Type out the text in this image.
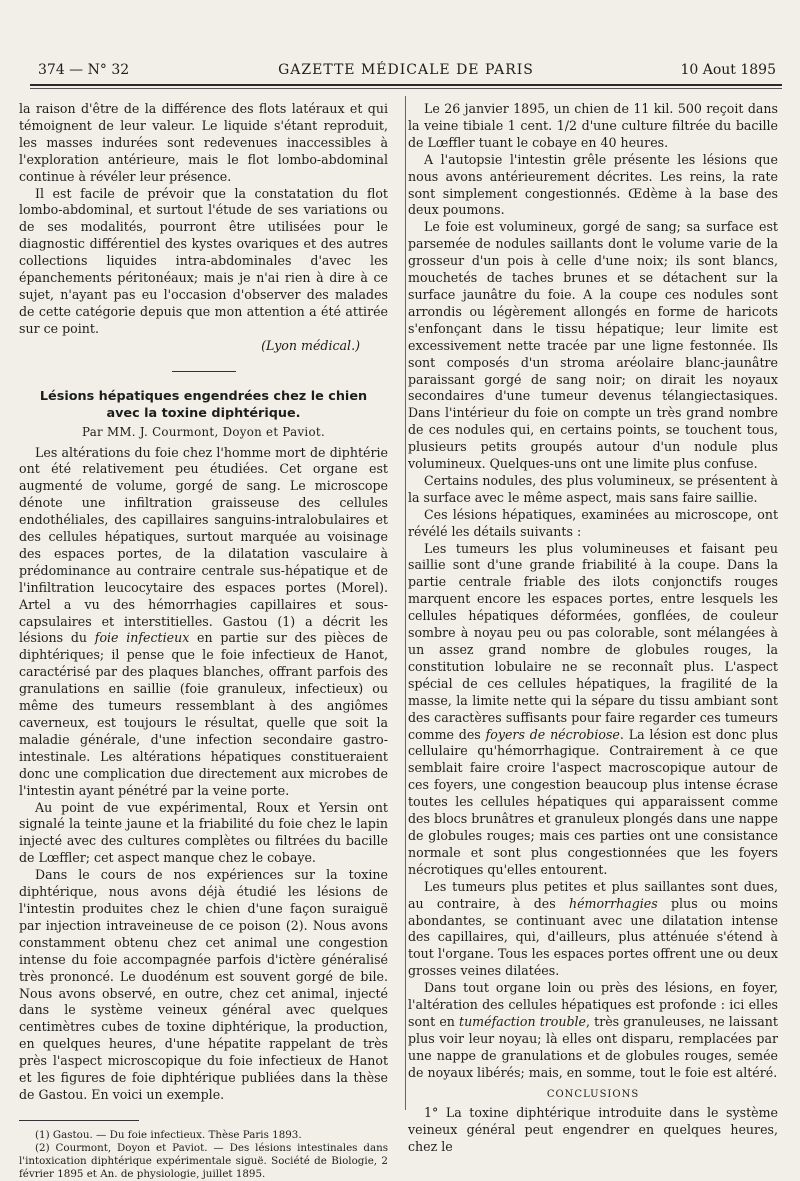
374 — N° 32	GAZETTE MÉDICALE DE PARIS	10 Aout 1895

la raison d'être de la différence des flots latéraux et qui témoignent de leur valeur. Le liquide s'étant reproduit, les masses indurées sont redevenues inaccessibles à l'exploration antérieure, mais le flot lombo-abdominal continue à révéler leur présence.

Il est facile de prévoir que la constatation du flot lombo-abdominal, et surtout l'étude de ses variations ou de ses modalités, pourront être utilisées pour le diagnostic différentiel des kystes ovariques et des autres collections liquides intra-abdominales d'avec les épanchements péritonéaux; mais je n'ai rien à dire à ce sujet, n'ayant pas eu l'occasion d'observer des malades de cette catégorie depuis que mon attention a été attirée sur ce point.

(Lyon médical.)

Lésions hépatiques engendrées chez le chien
avec la toxine diphtérique.
Par MM. J. Courmont, Doyon et Paviot.

Les altérations du foie chez l'homme mort de diphtérie ont été relativement peu étudiées. Cet organe est augmenté de volume, gorgé de sang. Le microscope dénote une infiltration graisseuse des cellules endothéliales, des capillaires sanguins-intralobulaires et des cellules hépatiques, surtout marquée au voisinage des espaces portes, de la dilatation vasculaire à prédominance au contraire centrale sus-hépatique et de l'infiltration leucocytaire des espaces portes (Morel). Artel a vu des hémorrhagies capillaires et sous-capsulaires et interstitielles. Gastou (1) a décrit les lésions du foie infectieux en partie sur des pièces de diphtériques; il pense que le foie infectieux de Hanot, caractérisé par des plaques blanches, offrant parfois des granulations en saillie (foie granuleux, infectieux) ou même des tumeurs ressemblant à des angiômes caverneux, est toujours le résultat, quelle que soit la maladie générale, d'une infection secondaire gastro-intestinale. Les altérations hépatiques constitueraient donc une complication due directement aux microbes de l'intestin ayant pénétré par la veine porte.

Au point de vue expérimental, Roux et Yersin ont signalé la teinte jaune et la friabilité du foie chez le lapin injecté avec des cultures complètes ou filtrées du bacille de Lœffler; cet aspect manque chez le cobaye.

Dans le cours de nos expériences sur la toxine diphtérique, nous avons déjà étudié les lésions de l'intestin produites chez le chien d'une façon suraiguë par injection intraveineuse de ce poison (2). Nous avons constamment obtenu chez cet animal une congestion intense du foie accompagnée parfois d'ictère généralisé très prononcé. Le duodénum est souvent gorgé de bile. Nous avons observé, en outre, chez cet animal, injecté dans le système veineux général avec quelques centimètres cubes de toxine diphtérique, la production, en quelques heures, d'une hépatite rappelant de très près l'aspect microscopique du foie infectieux de Hanot et les figures de foie diphtérique publiées dans la thèse de Gastou. En voici un exemple.

(1) Gastou. — Du foie infectieux. Thèse Paris 1893.

(2) Courmont, Doyon et Paviot. — Des lésions intestinales dans l'intoxication diphtérique expérimentale siguë. Société de Biologie, 2 février 1895 et An. de physiologie, juillet 1895.

Le 26 janvier 1895, un chien de 11 kil. 500 reçoit dans la veine tibiale 1 cent. 1/2 d'une culture filtrée du bacille de Lœffler tuant le cobaye en 40 heures.

A l'autopsie l'intestin grêle présente les lésions que nous avons antérieurement décrites. Les reins, la rate sont simplement congestionnés. Œdème à la base des deux poumons.

Le foie est volumineux, gorgé de sang; sa surface est parsemée de nodules saillants dont le volume varie de la grosseur d'un pois à celle d'une noix; ils sont blancs, mouchetés de taches brunes et se détachent sur la surface jaunâtre du foie. A la coupe ces nodules sont arrondis ou légèrement allongés en forme de haricots s'enfonçant dans le tissu hépatique; leur limite est excessivement nette tracée par une ligne festonnée. Ils sont composés d'un stroma aréolaire blanc-jaunâtre paraissant gorgé de sang noir; on dirait les noyaux secondaires d'une tumeur devenus télangiectasiques. Dans l'intérieur du foie on compte un très grand nombre de ces nodules qui, en certains points, se touchent tous, plusieurs petits groupés autour d'un nodule plus volumineux. Quelques-uns ont une limite plus confuse.

Certains nodules, des plus volumineux, se présentent à la surface avec le même aspect, mais sans faire saillie.

Ces lésions hépatiques, examinées au microscope, ont révélé les détails suivants :

Les tumeurs les plus volumineuses et faisant peu saillie sont d'une grande friabilité à la coupe. Dans la partie centrale friable des ilots conjonctifs rouges marquent encore les espaces portes, entre lesquels les cellules hépatiques déformées, gonflées, de couleur sombre à noyau peu ou pas colorable, sont mélangées à un assez grand nombre de globules rouges, la constitution lobulaire ne se reconnaît plus. L'aspect spécial de ces cellules hépatiques, la fragilité de la masse, la limite nette qui la sépare du tissu ambiant sont des caractères suffisants pour faire regarder ces tumeurs comme des foyers de nécrobiose. La lésion est donc plus cellulaire qu'hémorrhagique. Contrairement à ce que semblait faire croire l'aspect macroscopique autour de ces foyers, une congestion beaucoup plus intense écrase toutes les cellules hépatiques qui apparaissent comme des blocs brunâtres et granuleux plongés dans une nappe de globules rouges; mais ces parties ont une consistance normale et sont plus congestionnées que les foyers nécrotiques qu'elles entourent.

Les tumeurs plus petites et plus saillantes sont dues, au contraire, à des hémorrhagies plus ou moins abondantes, se continuant avec une dilatation intense des capillaires, qui, d'ailleurs, plus atténuée s'étend à tout l'organe. Tous les espaces portes offrent une ou deux grosses veines dilatées.

Dans tout organe loin ou près des lésions, en foyer, l'altération des cellules hépatiques est profonde : ici elles sont en tuméfaction trouble, très granuleuses, ne laissant plus voir leur noyau; là elles ont disparu, remplacées par une nappe de granulations et de globules rouges, semée de noyaux libérés; mais, en somme, tout le foie est altéré.

CONCLUSIONS

1° La toxine diphtérique introduite dans le système veineux général peut engendrer en quelques heures, chez le
